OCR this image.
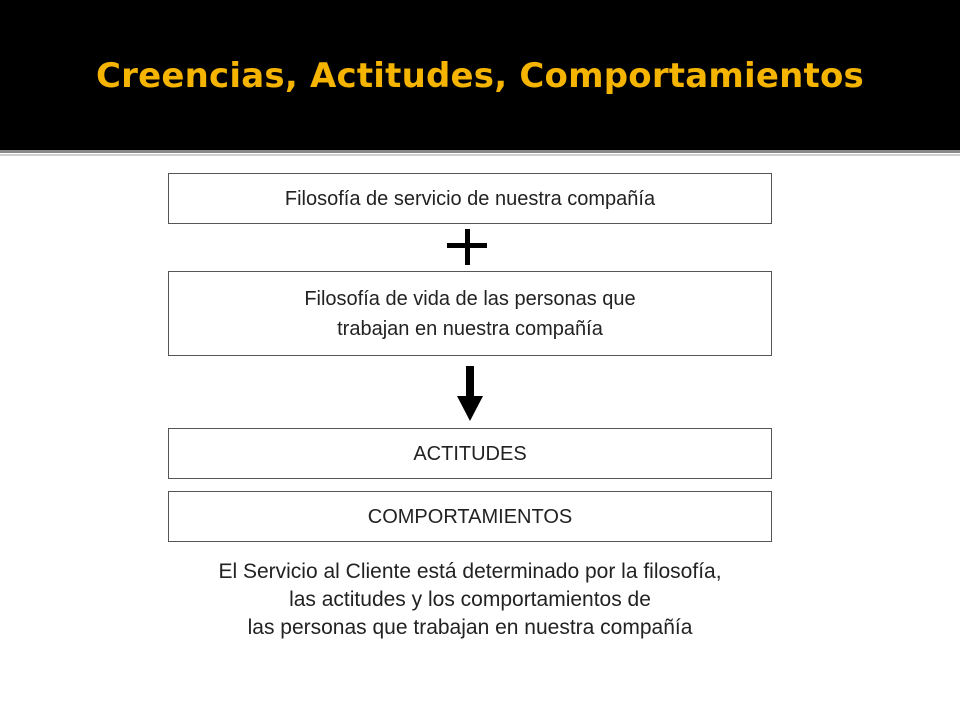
Creencias, Actitudes, Comportamientos
Filosofía de servicio de nuestra compañía
Filosofía de vida de las personas que
trabajan en nuestra compañía
ACTITUDES
COMPORTAMIENTOS
El Servicio al Cliente está determinado por la filosofía,
las actitudes y los comportamientos de
las personas que trabajan en nuestra compañía
